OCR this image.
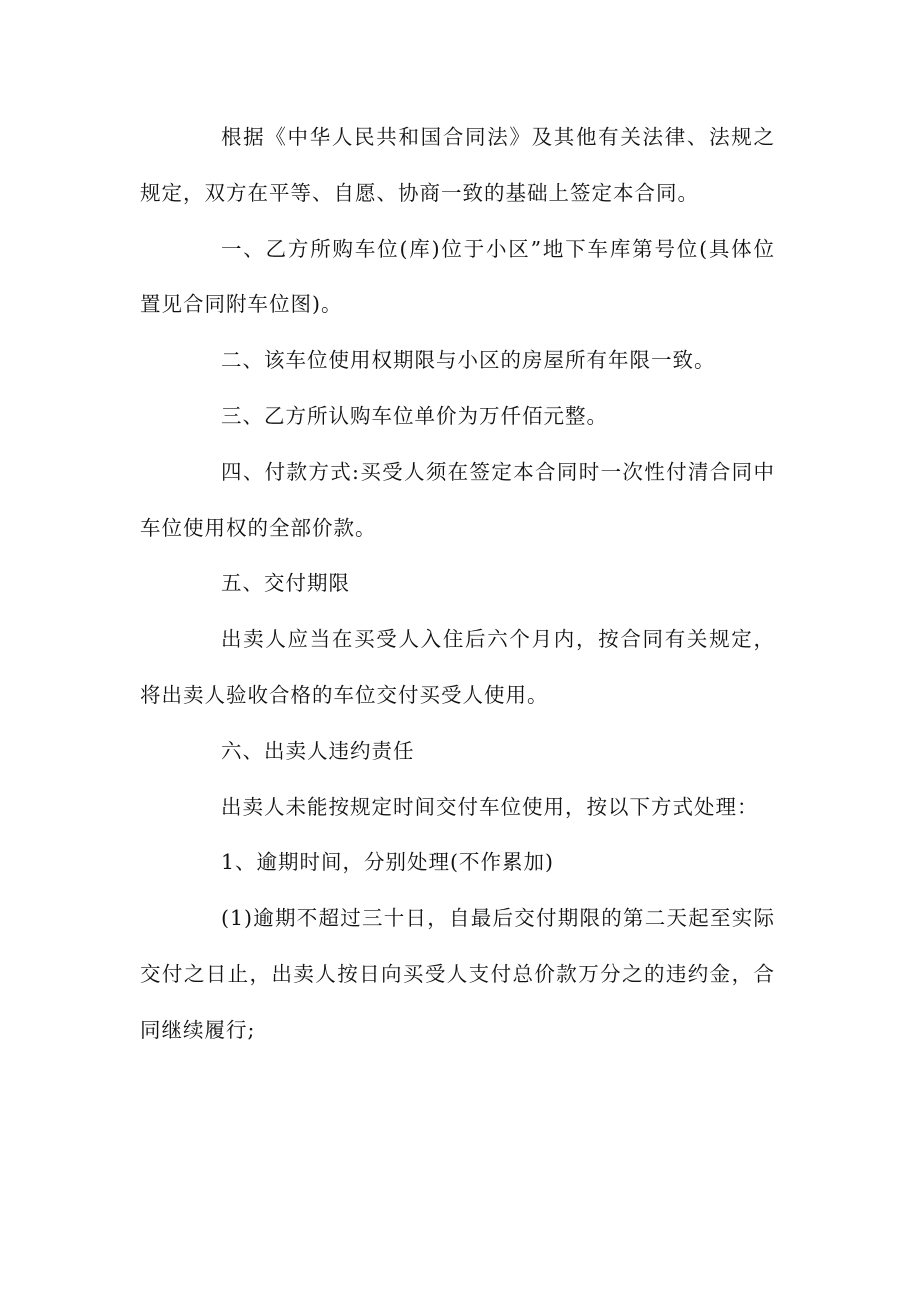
根据《中华人民共和国合同法》及其他有关法律、法规之规定，双方在平等、自愿、协商一致的基础上签定本合同。

一、乙方所购车位(库)位于小区”地下车库第号位(具体位置见合同附车位图)。

二、该车位使用权期限与小区的房屋所有年限一致。

三、乙方所认购车位单价为万仟佰元整。

四、付款方式:买受人须在签定本合同时一次性付清合同中车位使用权的全部价款。

五、交付期限

出卖人应当在买受人入住后六个月内，按合同有关规定，将出卖人验收合格的车位交付买受人使用。

六、出卖人违约责任

出卖人未能按规定时间交付车位使用，按以下方式处理：

1、逾期时间，分别处理(不作累加)

(1)逾期不超过三十日，自最后交付期限的第二天起至实际交付之日止，出卖人按日向买受人支付总价款万分之的违约金，合同继续履行;
